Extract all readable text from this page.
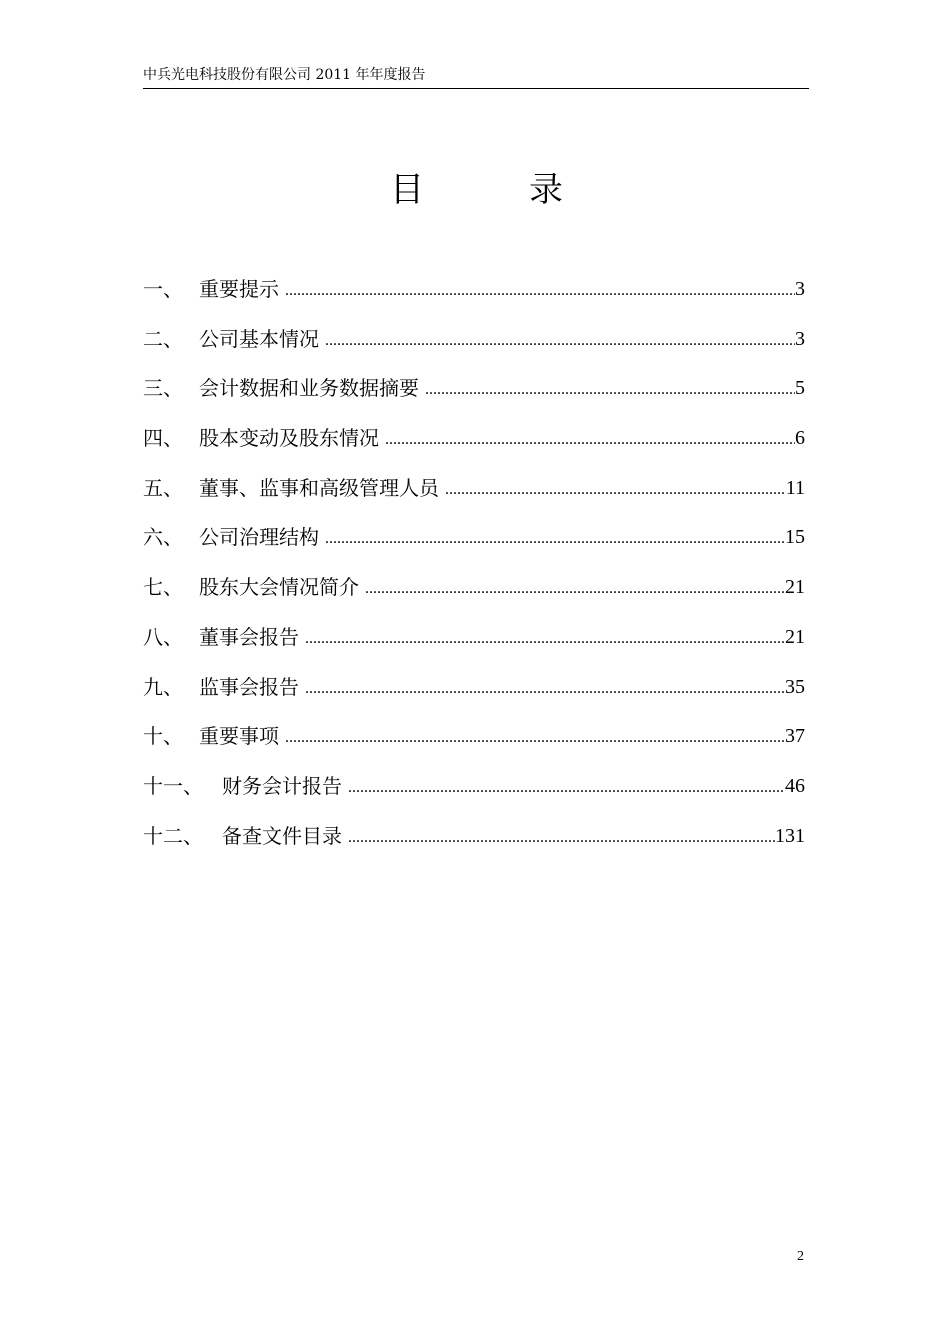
中兵光电科技股份有限公司 2011 年年度报告
目	录
一、 重要提示 .....	3
二、 公司基本情况 .....	3
三、 会计数据和业务数据摘要 .....	5
四、 股本变动及股东情况 .....	6
五、 董事、监事和高级管理人员 .....	11
六、 公司治理结构 .....	15
七、 股东大会情况简介 .....	21
八、 董事会报告 .....	21
九、 监事会报告 .....	35
十、 重要事项 .....	37
十一、 财务会计报告 .....	46
十二、 备查文件目录 .....	131
2
